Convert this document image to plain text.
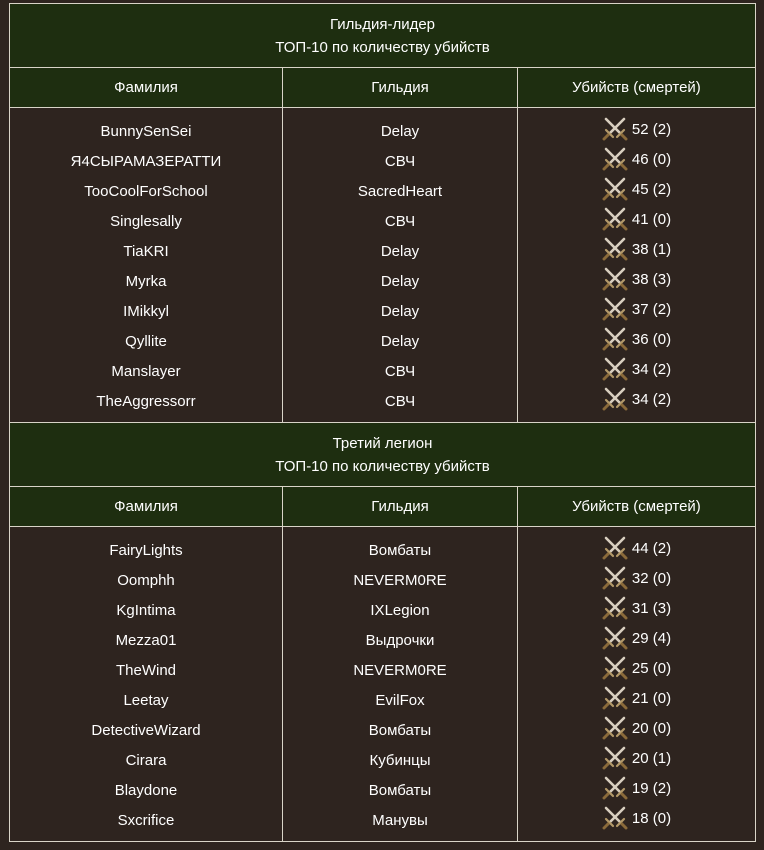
Гильдия-лидер
ТОП-10 по количеству убийств		

Фамилия	Гильдия	Убийств (смертей)

BunnySenSei	Delay	52 (2)

Я4СЫРАМАЗЕРАТТИ	СВЧ	46 (0)

TooCoolForSchool	SacredHeart	45 (2)

Singlesally	СВЧ	41 (0)

TiaKRI	Delay	38 (1)

Myrka	Delay	38 (3)

IMikkyl	Delay	37 (2)

Qyllite	Delay	36 (0)

Manslayer	СВЧ	34 (2)

TheAggressorr	СВЧ	34 (2)

Третий легион
ТОП-10 по количеству убийств		

Фамилия	Гильдия	Убийств (смертей)

FairyLights	Вомбаты	44 (2)

Oomphh	NEVERM0RE	32 (0)

KgIntima	IXLegion	31 (3)

Mezza01	Выдрочки	29 (4)

TheWind	NEVERM0RE	25 (0)

Leetay	EvilFox	21 (0)

DetectiveWizard	Вомбаты	20 (0)

Cirara	Кубинцы	20 (1)

Blaydone	Вомбаты	19 (2)

Sxcrifice	Манувы	18 (0)
